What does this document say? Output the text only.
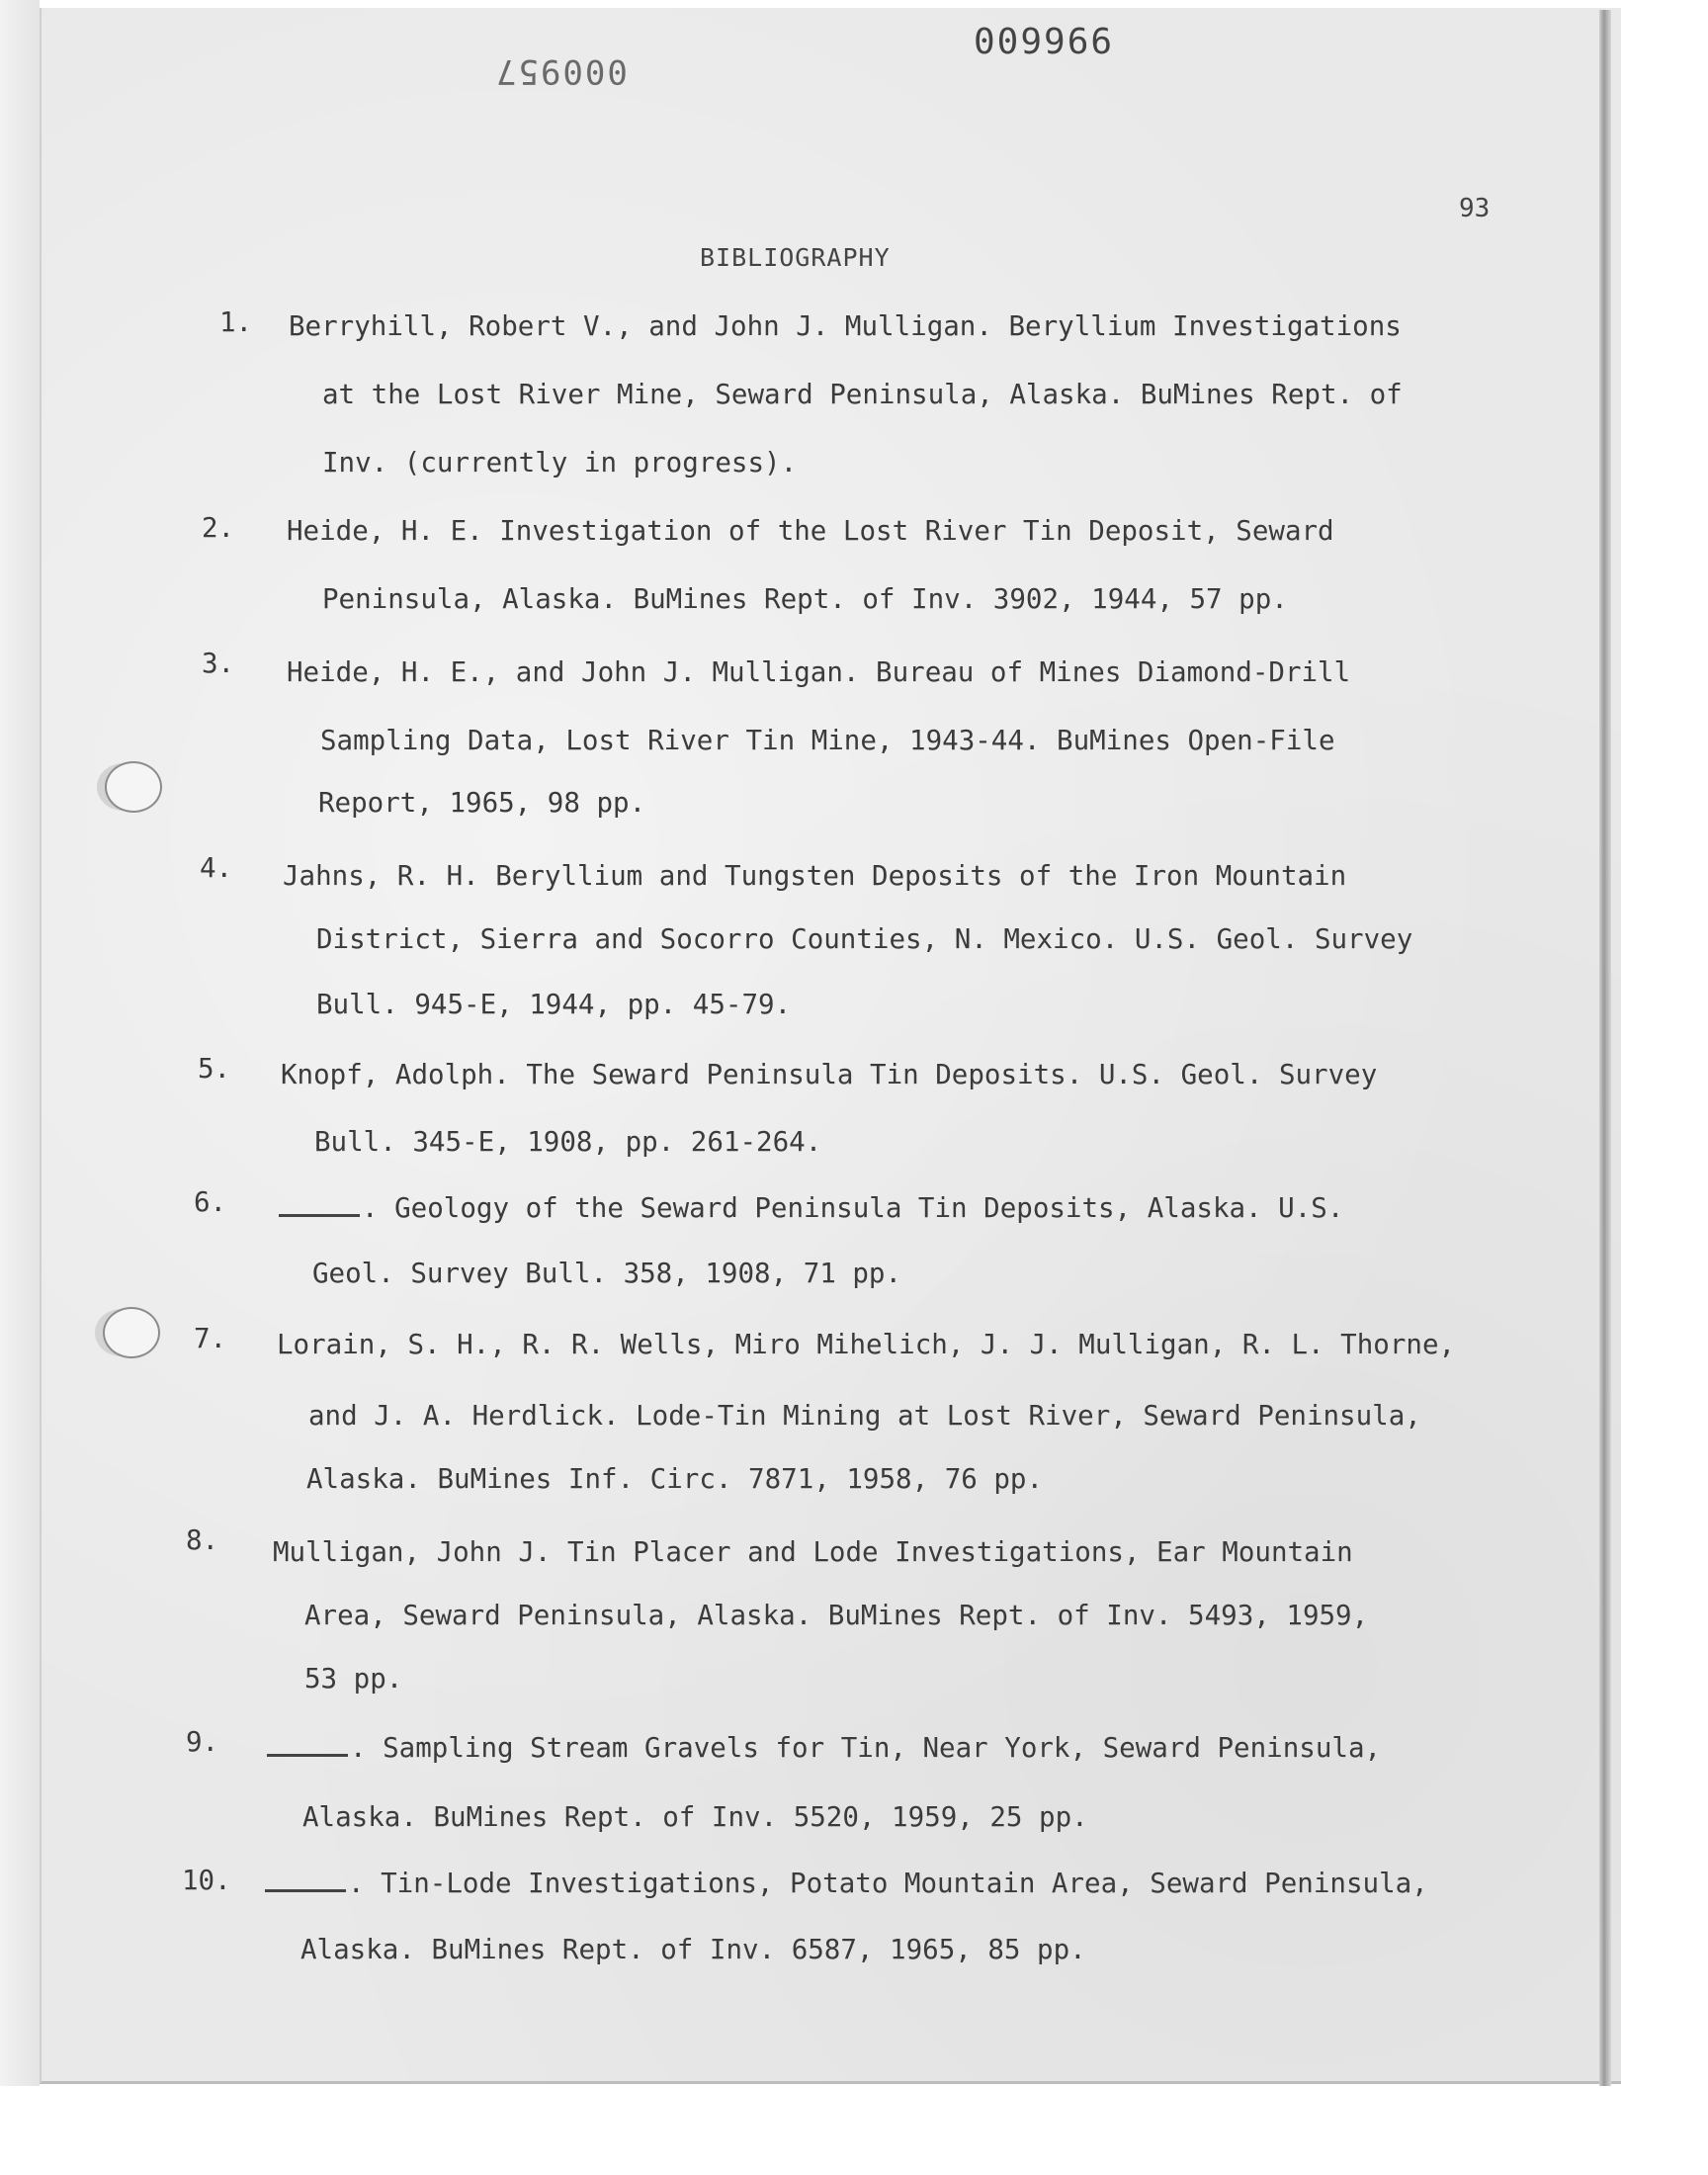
000957
009966
93
BIBLIOGRAPHY
1. Berryhill, Robert V., and John J. Mulligan. Beryllium Investigations
at the Lost River Mine, Seward Peninsula, Alaska. BuMines Rept. of
Inv. (currently in progress).
2. Heide, H. E. Investigation of the Lost River Tin Deposit, Seward
Peninsula, Alaska. BuMines Rept. of Inv. 3902, 1944, 57 pp.
3. Heide, H. E., and John J. Mulligan. Bureau of Mines Diamond-Drill
Sampling Data, Lost River Tin Mine, 1943-44. BuMines Open-File
Report, 1965, 98 pp.
4. Jahns, R. H. Beryllium and Tungsten Deposits of the Iron Mountain
District, Sierra and Socorro Counties, N. Mexico. U.S. Geol. Survey
Bull. 945-E, 1944, pp. 45-79.
5. Knopf, Adolph. The Seward Peninsula Tin Deposits. U.S. Geol. Survey
Bull. 345-E, 1908, pp. 261-264.
6.	. Geology of the Seward Peninsula Tin Deposits, Alaska. U.S.
Geol. Survey Bull. 358, 1908, 71 pp.
7. Lorain, S. H., R. R. Wells, Miro Mihelich, J. J. Mulligan, R. L. Thorne,
and J. A. Herdlick. Lode-Tin Mining at Lost River, Seward Peninsula,
Alaska. BuMines Inf. Circ. 7871, 1958, 76 pp.
8. Mulligan, John J. Tin Placer and Lode Investigations, Ear Mountain
Area, Seward Peninsula, Alaska. BuMines Rept. of Inv. 5493, 1959,
53 pp.
9.	. Sampling Stream Gravels for Tin, Near York, Seward Peninsula,
Alaska. BuMines Rept. of Inv. 5520, 1959, 25 pp.
10.	. Tin-Lode Investigations, Potato Mountain Area, Seward Peninsula,
Alaska. BuMines Rept. of Inv. 6587, 1965, 85 pp.
